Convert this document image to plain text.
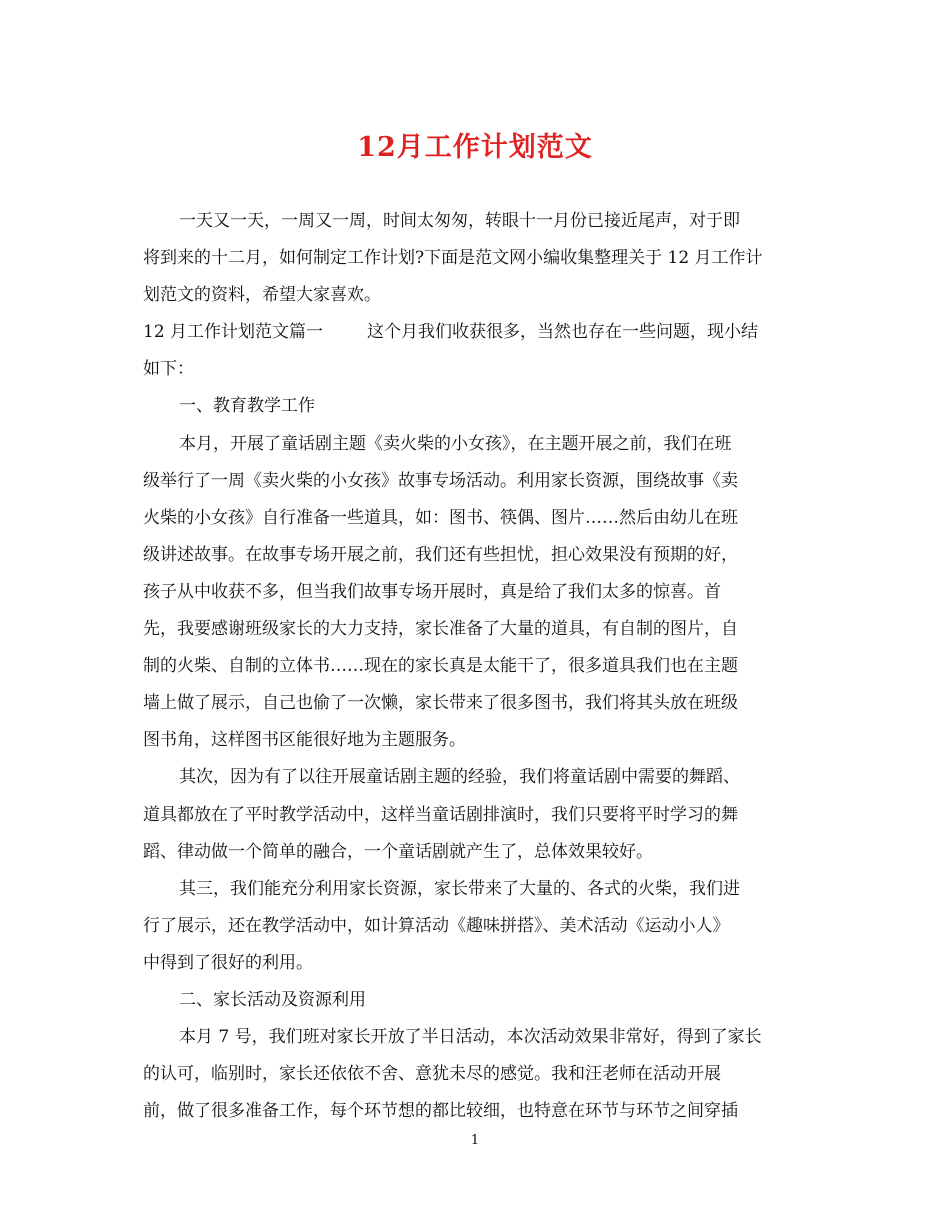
12月工作计划范文
一天又一天，一周又一周，时间太匆匆，转眼十一月份已接近尾声，对于即
将到来的十二月，如何制定工作计划?下面是范文网小编收集整理关于 12 月工作计
划范文的资料，希望大家喜欢。
12 月工作计划范文篇一	这个月我们收获很多，当然也存在一些问题，现小结
如下：
一、教育教学工作
本月，开展了童话剧主题《卖火柴的小女孩》，在主题开展之前，我们在班
级举行了一周《卖火柴的小女孩》故事专场活动。利用家长资源，围绕故事《卖
火柴的小女孩》自行准备一些道具，如：图书、筷偶、图片……然后由幼儿在班
级讲述故事。在故事专场开展之前，我们还有些担忧，担心效果没有预期的好，
孩子从中收获不多，但当我们故事专场开展时，真是给了我们太多的惊喜。首
先，我要感谢班级家长的大力支持，家长准备了大量的道具，有自制的图片，自
制的火柴、自制的立体书……现在的家长真是太能干了，很多道具我们也在主题
墙上做了展示，自己也偷了一次懒，家长带来了很多图书，我们将其头放在班级
图书角，这样图书区能很好地为主题服务。
其次，因为有了以往开展童话剧主题的经验，我们将童话剧中需要的舞蹈、
道具都放在了平时教学活动中，这样当童话剧排演时，我们只要将平时学习的舞
蹈、律动做一个简单的融合，一个童话剧就产生了，总体效果较好。
其三，我们能充分利用家长资源，家长带来了大量的、各式的火柴，我们进
行了展示，还在教学活动中，如计算活动《趣味拼搭》、美术活动《运动小人》
中得到了很好的利用。
二、家长活动及资源利用
本月 7 号，我们班对家长开放了半日活动，本次活动效果非常好，得到了家长
的认可，临别时，家长还依依不舍、意犹未尽的感觉。我和汪老师在活动开展
前，做了很多准备工作，每个环节想的都比较细，也特意在环节与环节之间穿插
1
